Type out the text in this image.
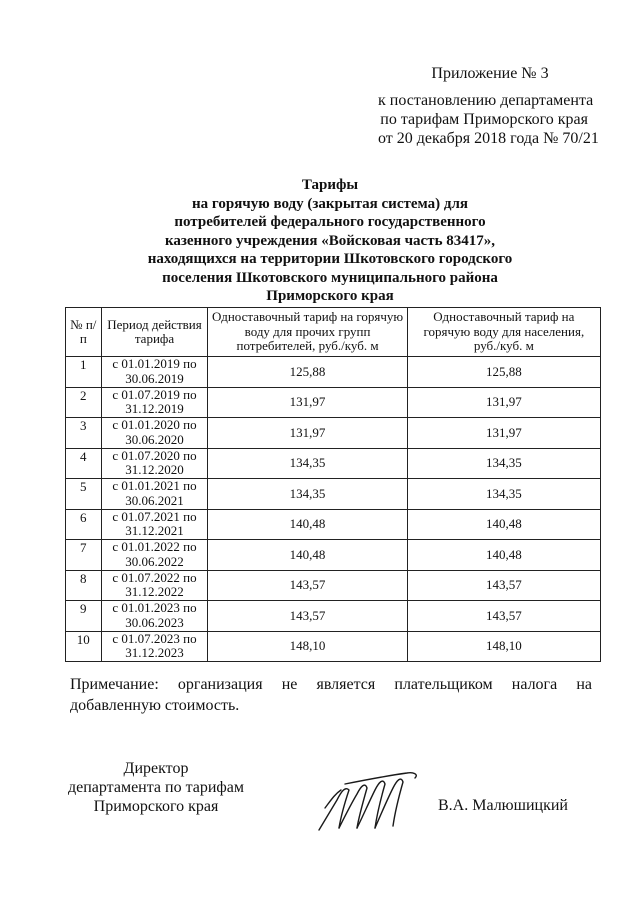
Приложение № 3
к постановлению департамента
по тарифам Приморского края
от 20 декабря 2018 года № 70/21
Тарифы
на горячую воду (закрытая система) для
потребителей федерального государственного
казенного учреждения «Войсковая часть 83417»,
находящихся на территории Шкотовского городского
поселения Шкотовского муниципального района
Приморского края
№ п/п	Период действия тарифа	Одноставочный тариф на горячую воду для прочих групп потребителей, руб./куб. м	Одноставочный тариф на горячую воду для населения, руб./куб. м
1	с 01.01.2019 по 30.06.2019	125,88	125,88
2	с 01.07.2019 по 31.12.2019	131,97	131,97
3	с 01.01.2020 по 30.06.2020	131,97	131,97
4	с 01.07.2020 по 31.12.2020	134,35	134,35
5	с 01.01.2021 по 30.06.2021	134,35	134,35
6	с 01.07.2021 по 31.12.2021	140,48	140,48
7	с 01.01.2022 по 30.06.2022	140,48	140,48
8	с 01.07.2022 по 31.12.2022	143,57	143,57
9	с 01.01.2023 по 30.06.2023	143,57	143,57
10	с 01.07.2023 по 31.12.2023	148,10	148,10
Примечание: организация не является плательщиком налога на добавленную стоимость.
Директор
департамента по тарифам
Приморского края	В.А. Малюшицкий
